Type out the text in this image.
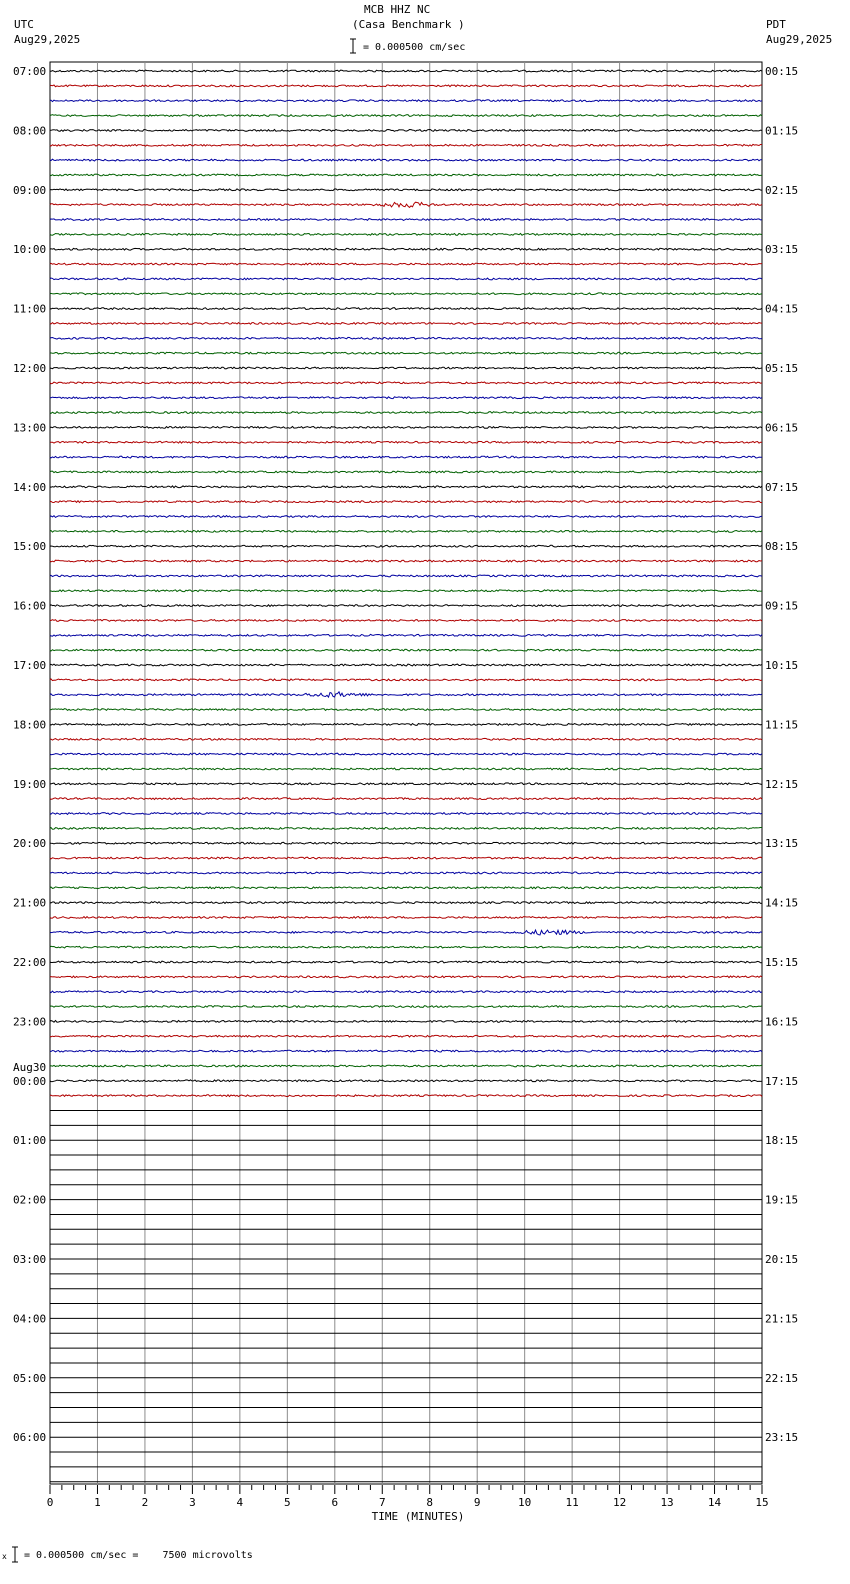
MCB HHZ NC
(Casa Benchmark )
= 0.000500 cm/sec
UTC
Aug29,2025
PDT
Aug29,2025
07:00	00:15
08:00	01:15
09:00	02:15
10:00	03:15
11:00	04:15
12:00	05:15
13:00	06:15
14:00	07:15
15:00	08:15
16:00	09:15
17:00	10:15
18:00	11:15
19:00	12:15
20:00	13:15
21:00	14:15
22:00	15:15
23:00	16:15
00:00	17:15
01:00	18:15
02:00	19:15
03:00	20:15
04:00	21:15
05:00	22:15
06:00	23:15
Aug30
0	1	2	3	4	5	6	7	8	9	10	11	12	13	14	15
TIME (MINUTES)
x = 0.000500 cm/sec =    7500 microvolts
